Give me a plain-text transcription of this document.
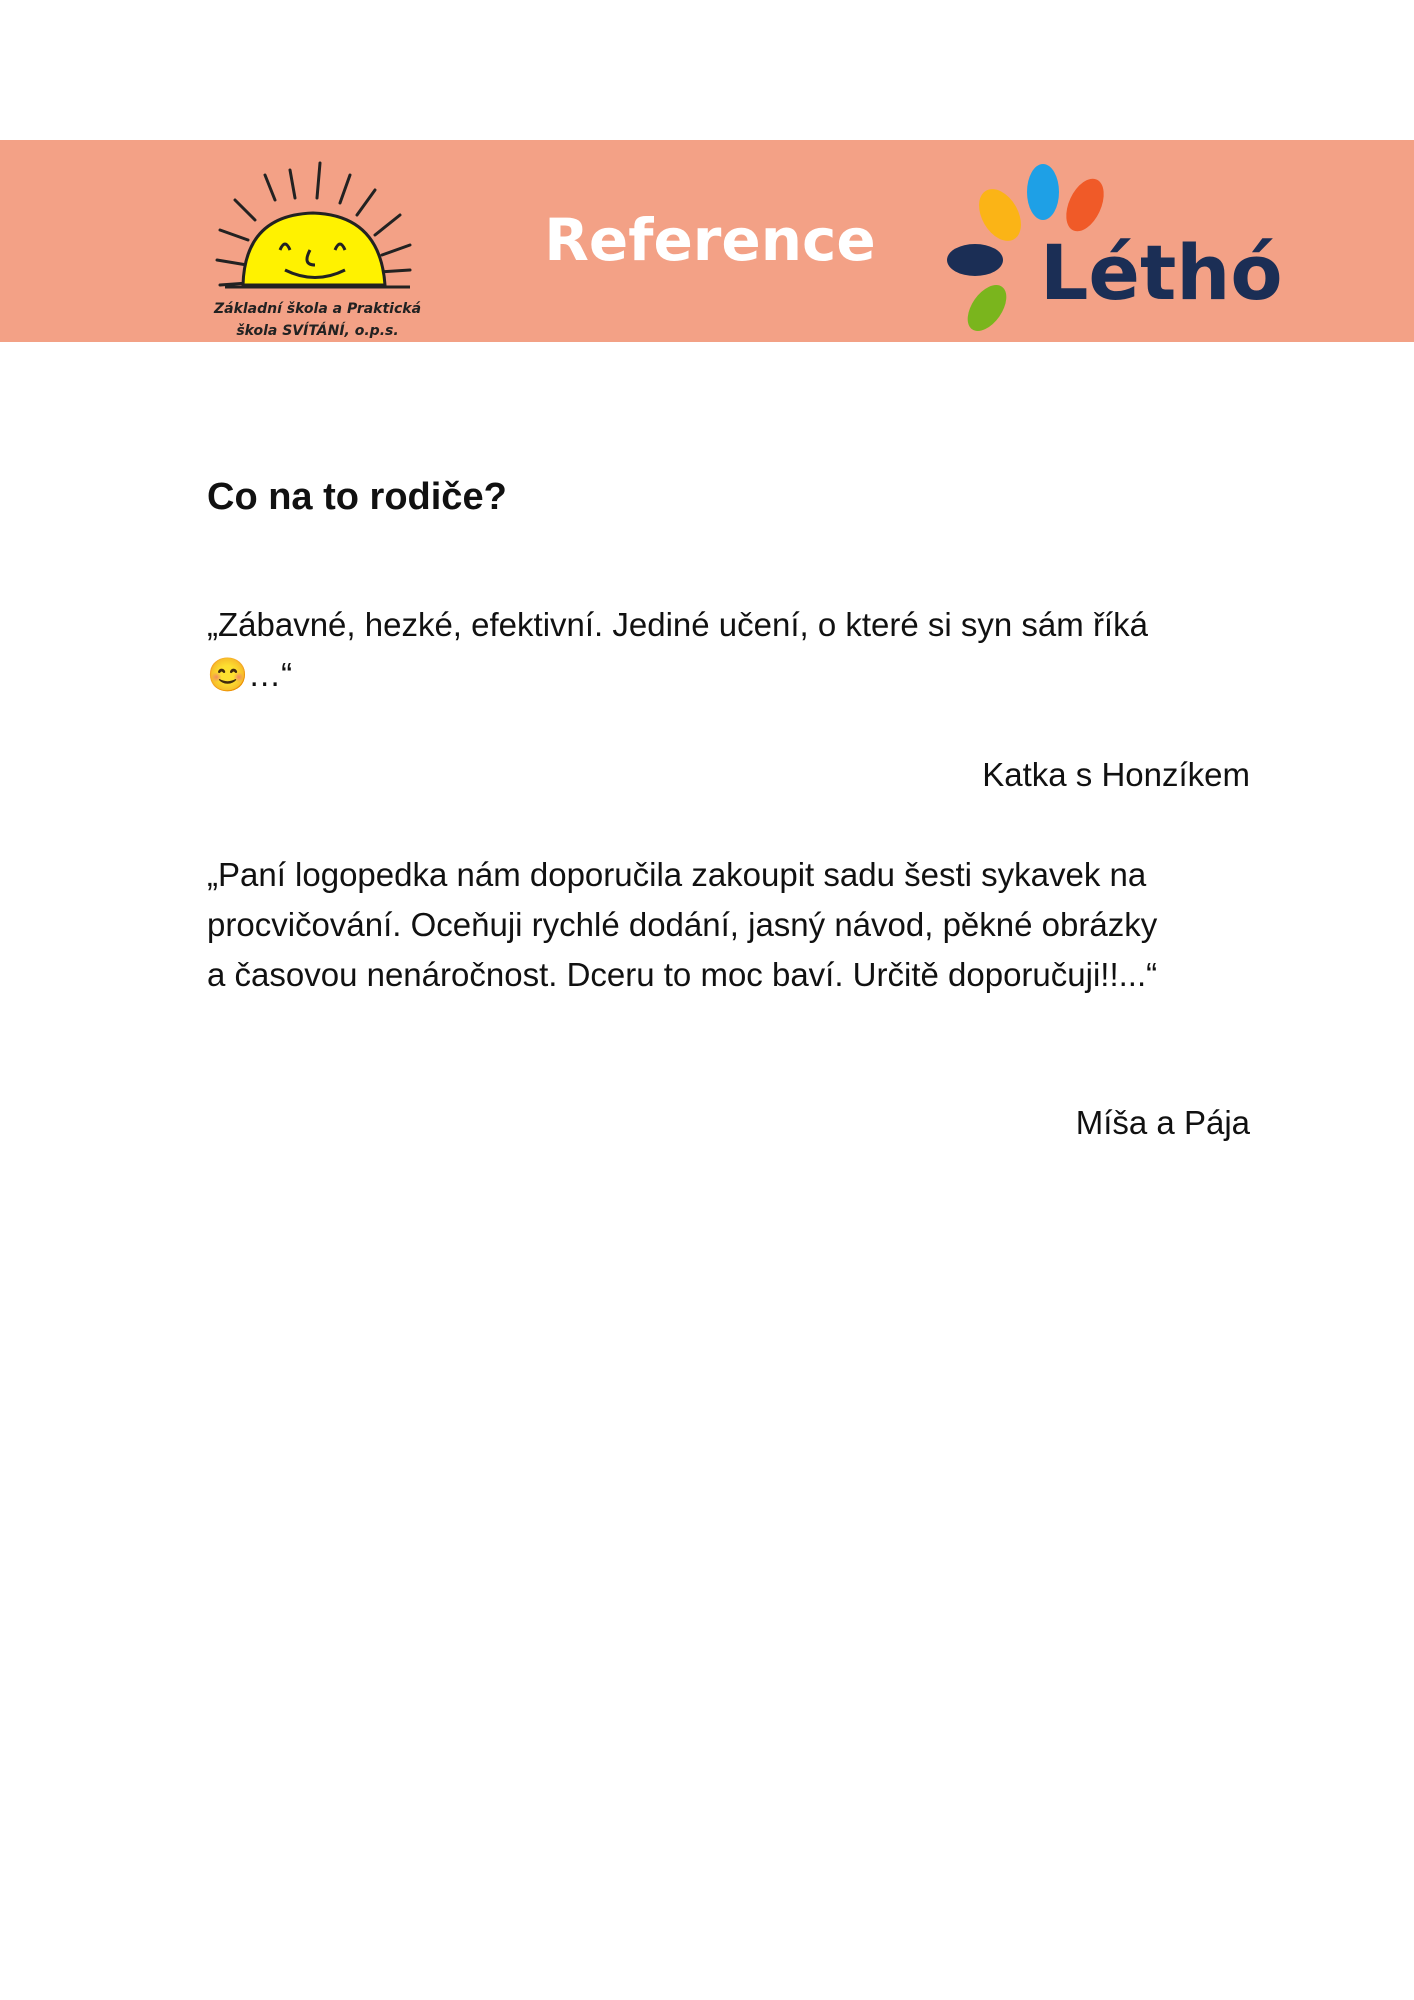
Základní škola a Praktická
škola SVÍTÁNÍ, o.p.s.
Reference Léthó
Co na to rodiče?
„Zábavné, hezké, efektivní. Jediné učení, o které si syn sám říká
😊…“
Katka s Honzíkem
„Paní logopedka nám doporučila zakoupit sadu šesti sykavek na
procvičování. Oceňuji rychlé dodání, jasný návod, pěkné obrázky
a časovou nenáročnost. Dceru to moc baví. Určitě doporučuji!!...“
Míša a Pája
